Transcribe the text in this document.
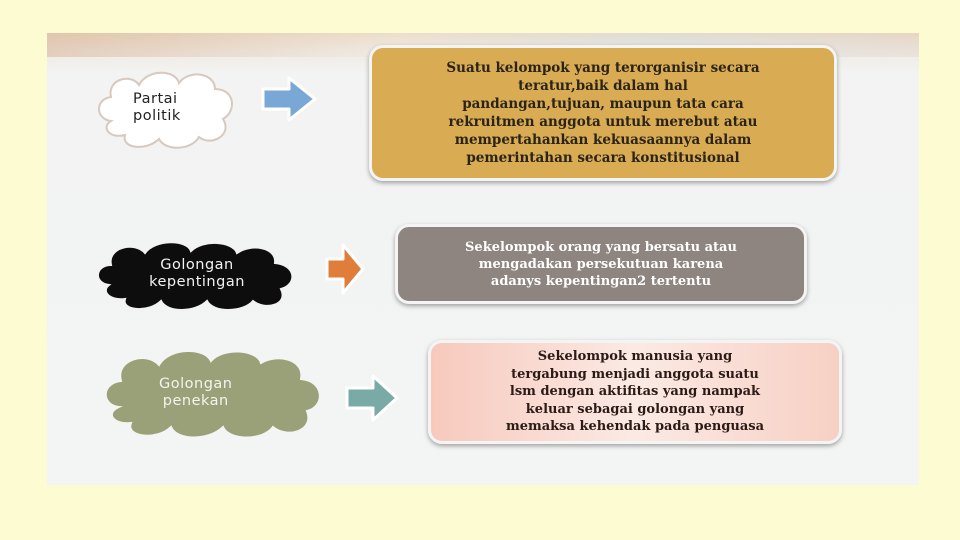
Partai
politik
Suatu kelompok yang terorganisir secara
teratur,baik dalam hal
pandangan,tujuan, maupun tata cara
rekruitmen anggota untuk merebut atau
mempertahankan kekuasaannya dalam
pemerintahan secara konstitusional
Golongan
kepentingan
Sekelompok orang yang bersatu atau
mengadakan persekutuan karena
adanys kepentingan2 tertentu
Golongan
penekan
Sekelompok manusia yang
tergabung menjadi anggota suatu
lsm dengan aktifitas yang nampak
keluar sebagai golongan yang
memaksa kehendak pada penguasa
